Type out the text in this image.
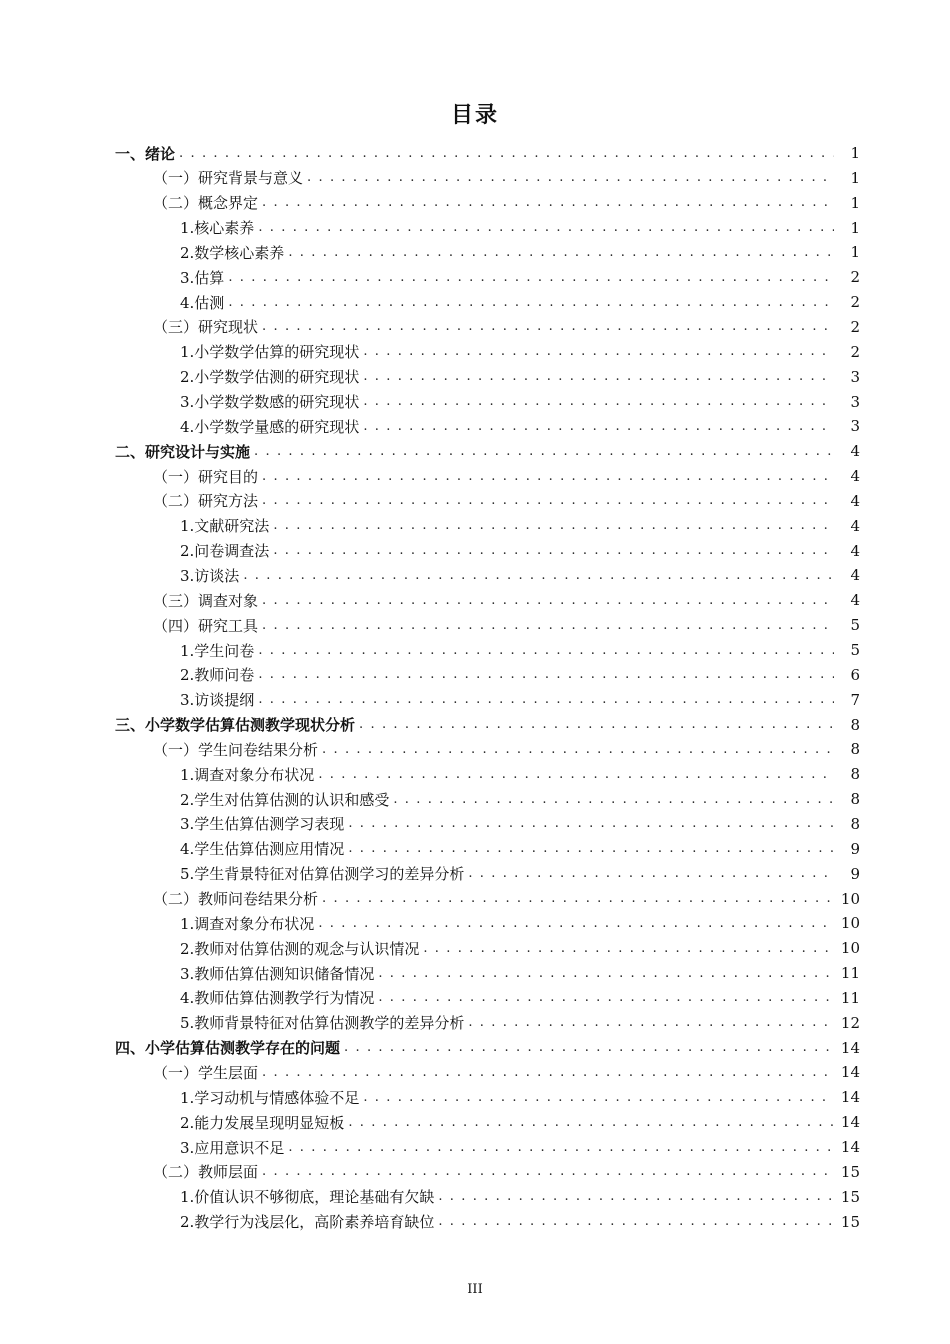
目录
一、绪论 . . .	1
（一）研究背景与意义 . . .	1
（二）概念界定 . . .	1
1.核心素养 . . .	1
2.数学核心素养 . . .	1
3.估算 . . .	2
4.估测 . . .	2
（三）研究现状 . . .	2
1.小学数学估算的研究现状 . . .	2
2.小学数学估测的研究现状 . . .	3
3.小学数学数感的研究现状 . . .	3
4.小学数学量感的研究现状 . . .	3
二、研究设计与实施 . . .	4
（一）研究目的 . . .	4
（二）研究方法 . . .	4
1.文献研究法 . . .	4
2.问卷调查法 . . .	4
3.访谈法 . . .	4
（三）调查对象 . . .	4
（四）研究工具 . . .	5
1.学生问卷 . . .	5
2.教师问卷 . . .	6
3.访谈提纲 . . .	7
三、小学数学估算估测教学现状分析 . . .	8
（一）学生问卷结果分析 . . .	8
1.调查对象分布状况 . . .	8
2.学生对估算估测的认识和感受 . . .	8
3.学生估算估测学习表现 . . .	8
4.学生估算估测应用情况 . . .	9
5.学生背景特征对估算估测学习的差异分析 . . .	9
（二）教师问卷结果分析 . . .	10
1.调查对象分布状况 . . .	10
2.教师对估算估测的观念与认识情况 . . .	10
3.教师估算估测知识储备情况 . . .	11
4.教师估算估测教学行为情况 . . .	11
5.教师背景特征对估算估测教学的差异分析 . . .	12
四、小学估算估测教学存在的问题 . . .	14
（一）学生层面 . . .	14
1.学习动机与情感体验不足 . . .	14
2.能力发展呈现明显短板 . . .	14
3.应用意识不足 . . .	14
（二）教师层面 . . .	15
1.价值认识不够彻底，理论基础有欠缺 . . .	15
2.教学行为浅层化，高阶素养培育缺位 . . .	15
III
